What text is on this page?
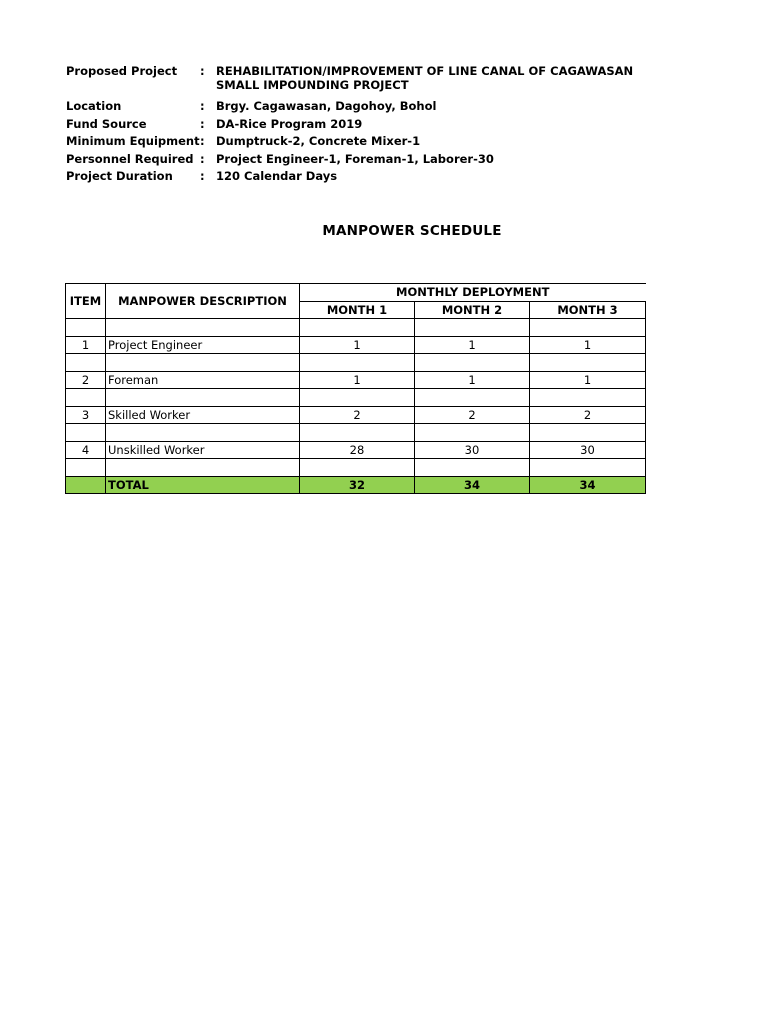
Proposed Project	: REHABILITATION/IMPROVEMENT OF LINE CANAL OF CAGAWASAN SMALL IMPOUNDING PROJECT
Location	: Brgy. Cagawasan, Dagohoy, Bohol
Fund Source	: DA-Rice Program 2019
Minimum Equipment : Dumptruck-2, Concrete Mixer-1
Personnel Required : Project Engineer-1, Foreman-1, Laborer-30
Project Duration	: 120 Calendar Days
MANPOWER SCHEDULE
ITEM	MANPOWER DESCRIPTION	MONTHLY DEPLOYMENT		
		MONTH 1	MONTH 2	MONTH 3

1	Project Engineer	1	1	1

2	Foreman	1	1	1

3	Skilled Worker	2	2	2

4	Unskilled Worker	28	30	30

	TOTAL	32	34	34
